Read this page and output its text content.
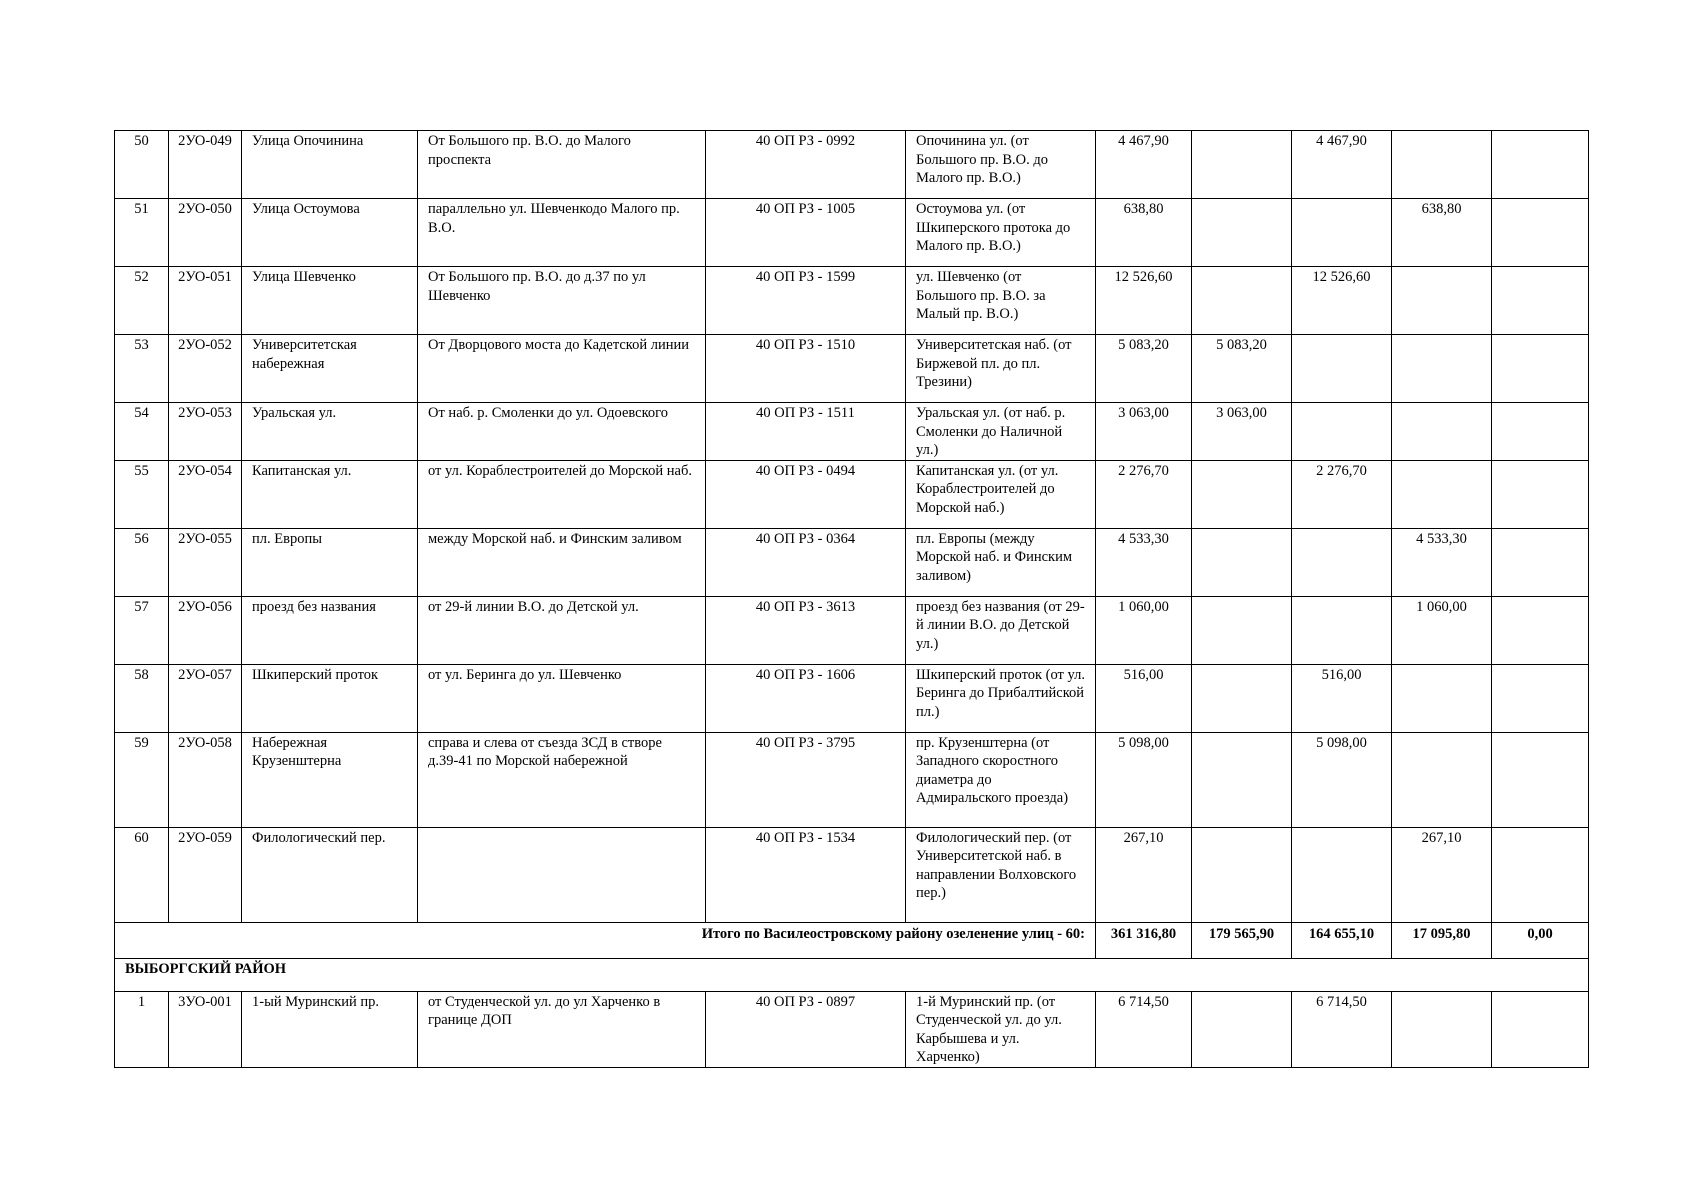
50	2УО-049	Улица Опочинина	От Большого пр. В.О. до Малого проспекта	40 ОП РЗ - 0992	Опочинина ул. (от Большого пр. В.О. до Малого пр. В.О.)	4 467,90		4 467,90		
51	2УО-050	Улица Остоумова	параллельно ул. Шевченкодо Малого пр. В.О.	40 ОП РЗ - 1005	Остоумова ул. (от Шкиперского протока до Малого пр. В.О.)	638,80			638,80	
52	2УО-051	Улица Шевченко	От Большого пр. В.О. до д.37 по ул Шевченко	40 ОП РЗ - 1599	ул. Шевченко (от Большого пр. В.О. за Малый пр. В.О.)	12 526,60		12 526,60		
53	2УО-052	Университетская набережная	От Дворцового моста до Кадетской линии	40 ОП РЗ - 1510	Университетская наб. (от Биржевой пл. до пл. Трезини)	5 083,20	5 083,20			
54	2УО-053	Уральская ул.	От наб. р. Смоленки до ул. Одоевского	40 ОП РЗ - 1511	Уральская ул. (от наб. р. Смоленки до Наличной ул.)	3 063,00	3 063,00			
55	2УО-054	Капитанская ул.	от ул. Кораблестроителей до Морской наб.	40 ОП РЗ - 0494	Капитанская ул. (от ул. Кораблестроителей до Морской наб.)	2 276,70		2 276,70		
56	2УО-055	пл. Европы	между Морской наб. и Финским заливом	40 ОП РЗ - 0364	пл. Европы (между Морской наб. и Финским заливом)	4 533,30			4 533,30	
57	2УО-056	проезд без названия	от 29-й линии В.О. до Детской ул.	40 ОП РЗ - 3613	проезд без названия (от 29-й линии В.О. до Детской ул.)	1 060,00			1 060,00	
58	2УО-057	Шкиперский проток	от ул. Беринга до ул. Шевченко	40 ОП РЗ - 1606	Шкиперский проток (от ул. Беринга до Прибалтийской пл.)	516,00		516,00		
59	2УО-058	Набережная Крузенштерна	справа и слева от съезда ЗСД в створе д.39-41 по Морской набережной	40 ОП РЗ - 3795	пр. Крузенштерна (от Западного скоростного диаметра до Адмиральского проезда)	5 098,00		5 098,00		
60	2УО-059	Филологический пер.		40 ОП РЗ - 1534	Филологический пер. (от Университетской наб. в направлении Волховского пер.)	267,10			267,10	
Итого по Василеостровскому району озеленение улиц - 60:						361 316,80	179 565,90	164 655,10	17 095,80	0,00
ВЫБОРГСКИЙ РАЙОН										
1	3УО-001	1-ый Муринский пр.	от Студенческой ул. до ул Харченко в границе ДОП	40 ОП РЗ - 0897	1-й Муринский пр. (от Студенческой ул. до ул. Карбышева и ул. Харченко)	6 714,50		6 714,50		
